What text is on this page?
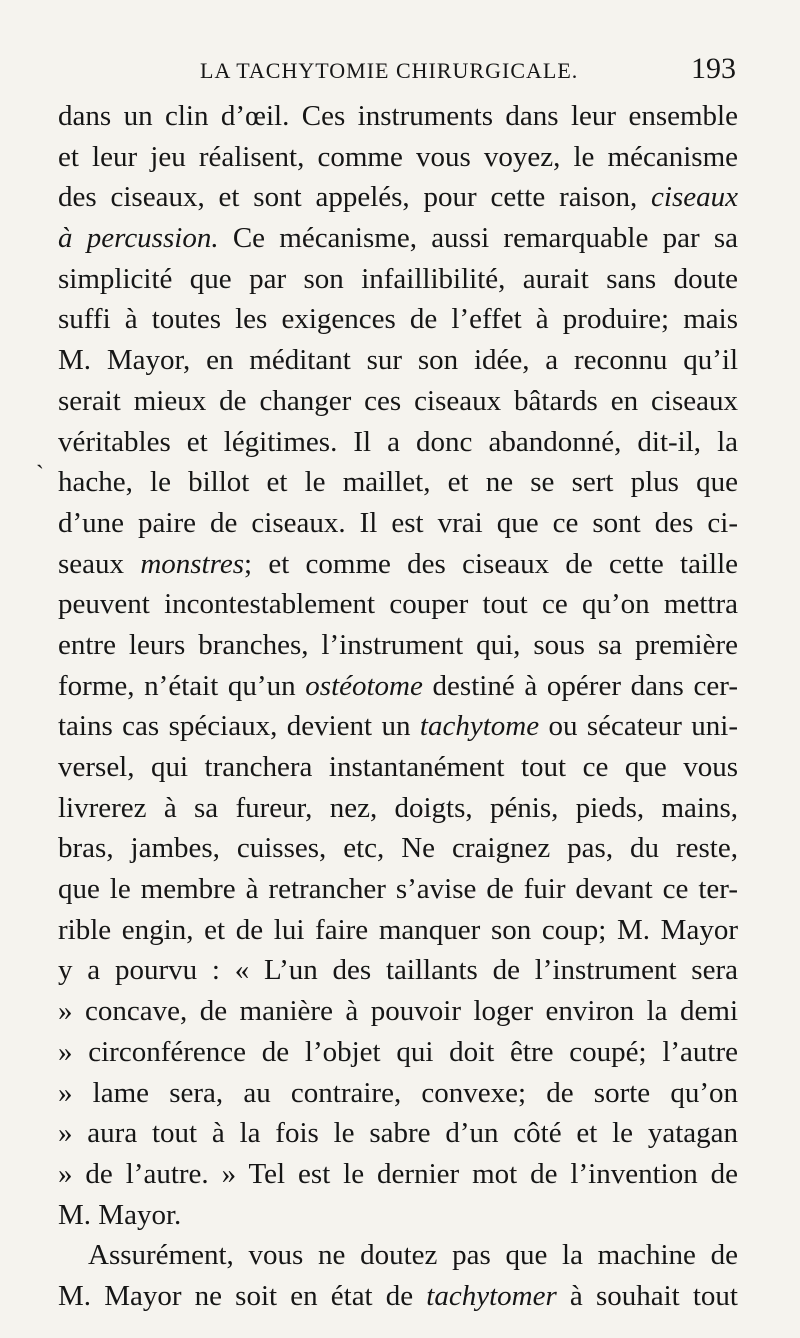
LA TACHYTOMIE CHIRURGICALE.	193
`
dans un clin d’œil. Ces instruments dans leur ensemble
et leur jeu réalisent, comme vous voyez, le mécanisme
des ciseaux, et sont appelés, pour cette raison, ciseaux
à percussion. Ce mécanisme, aussi remarquable par sa
simplicité que par son infaillibilité, aurait sans doute
suffi à toutes les exigences de l’effet à produire; mais
M. Mayor, en méditant sur son idée, a reconnu qu’il
serait mieux de changer ces ciseaux bâtards en ciseaux
véritables et légitimes. Il a donc abandonné, dit-il, la
hache, le billot et le maillet, et ne se sert plus que
d’une paire de ciseaux. Il est vrai que ce sont des ci-
seaux monstres; et comme des ciseaux de cette taille
peuvent incontestablement couper tout ce qu’on mettra
entre leurs branches, l’instrument qui, sous sa première
forme, n’était qu’un ostéotome destiné à opérer dans cer-
tains cas spéciaux, devient un tachytome ou sécateur uni-
versel, qui tranchera instantanément tout ce que vous
livrerez à sa fureur, nez, doigts, pénis, pieds, mains,
bras, jambes, cuisses, etc, Ne craignez pas, du reste,
que le membre à retrancher s’avise de fuir devant ce ter-
rible engin, et de lui faire manquer son coup; M. Mayor
y a pourvu : « L’un des taillants de l’instrument sera
» concave, de manière à pouvoir loger environ la demi
» circonférence de l’objet qui doit être coupé; l’autre
» lame sera, au contraire, convexe; de sorte qu’on
» aura tout à la fois le sabre d’un côté et le yatagan
» de l’autre. » Tel est le dernier mot de l’invention de
M. Mayor.
Assurément, vous ne doutez pas que la machine de
M. Mayor ne soit en état de tachytomer à souhait tout
